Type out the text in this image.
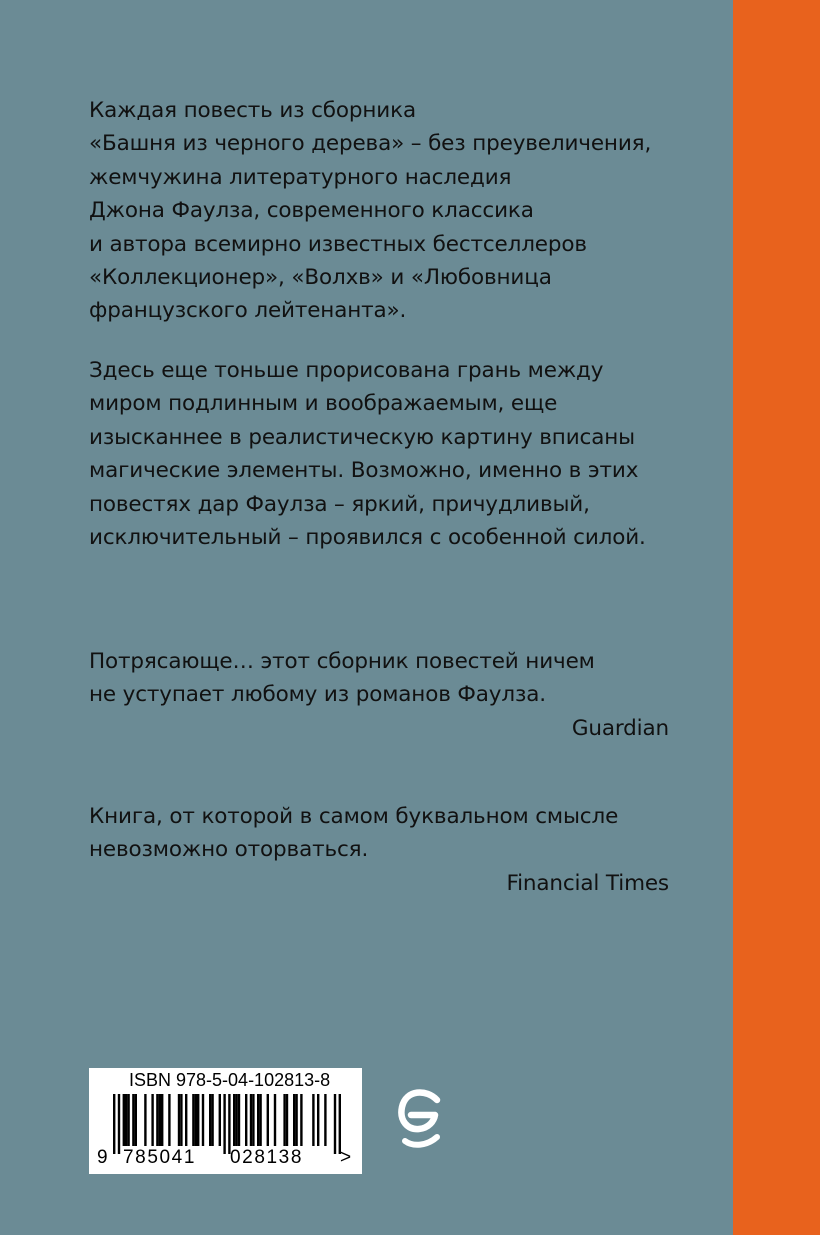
Каждая повесть из сборника
«Башня из черного дерева» – без преувеличения,
жемчужина литературного наследия
Джона Фаулза, современного классика
и автора всемирно известных бестселлеров
«Коллекционер», «Волхв» и «Любовница
французского лейтенанта».
Здесь еще тоньше прорисована грань между
миром подлинным и воображаемым, еще
изысканнее в реалистическую картину вписаны
магические элементы. Возможно, именно в этих
повестях дар Фаулза – яркий, причудливый,
исключительный – проявился с особенной силой.
Потрясающе… этот сборник повестей ничем
не уступает любому из романов Фаулза.
Guardian
Книга, от которой в самом буквальном смысле
невозможно оторваться.
Financial Times
ISBN 978-5-04-102813-8
9 785041 028138 >
